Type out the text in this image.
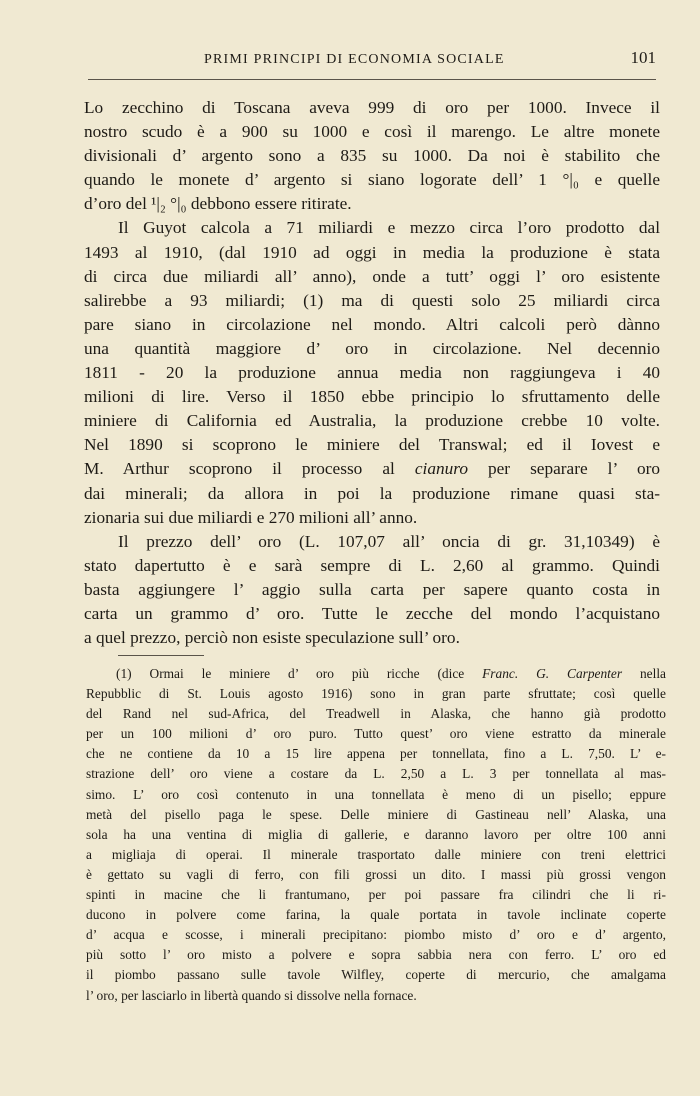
PRIMI PRINCIPI DI ECONOMIA SOCIALE	101
Lo zecchino di Toscana aveva 999 di oro per 1000. Invece il
nostro scudo è a 900 su 1000 e così il marengo. Le altre monete
divisionali d’ argento sono a 835 su 1000. Da noi è stabilito che
quando le monete d’ argento si siano logorate dell’ 1 °|₀ e quelle
d’oro del ¹|₂ °|₀ debbono essere ritirate.
Il Guyot calcola a 71 miliardi e mezzo circa l’oro prodotto dal
1493 al 1910, (dal 1910 ad oggi in media la produzione è stata
di circa due miliardi all’ anno), onde a tutt’ oggi l’ oro esistente
salirebbe a 93 miliardi; (1) ma di questi solo 25 miliardi circa
pare siano in circolazione nel mondo. Altri calcoli però dànno
una quantità maggiore d’ oro in circolazione. Nel decennio
1811 - 20 la produzione annua media non raggiungeva i 40
milioni di lire. Verso il 1850 ebbe principio lo sfruttamento delle
miniere di California ed Australia, la produzione crebbe 10 volte.
Nel 1890 si scoprono le miniere del Transwal; ed il Iovest e
M. Arthur scoprono il processo al cianuro per separare l’ oro
dai minerali; da allora in poi la produzione rimane quasi sta-
zionaria sui due miliardi e 270 milioni all’ anno.
Il prezzo dell’ oro (L. 107,07 all’ oncia di gr. 31,10349) è
stato dapertutto è e sarà sempre di L. 2,60 al grammo. Quindi
basta aggiungere l’ aggio sulla carta per sapere quanto costa in
carta un grammo d’ oro. Tutte le zecche del mondo l’acquistano
a quel prezzo, perciò non esiste speculazione sull’ oro.
(1) Ormai le miniere d’ oro più ricche (dice Franc. G. Carpenter nella
Repubblic di St. Louis agosto 1916) sono in gran parte sfruttate; così quelle
del Rand nel sud-Africa, del Treadwell in Alaska, che hanno già prodotto
per un 100 milioni d’ oro puro. Tutto quest’ oro viene estratto da minerale
che ne contiene da 10 a 15 lire appena per tonnellata, fino a L. 7,50. L’ e-
strazione dell’ oro viene a costare da L. 2,50 a L. 3 per tonnellata al mas-
simo. L’ oro così contenuto in una tonnellata è meno di un pisello; eppure
metà del pisello paga le spese. Delle miniere di Gastineau nell’ Alaska, una
sola ha una ventina di miglia di gallerie, e daranno lavoro per oltre 100 anni
a migliaja di operai. Il minerale trasportato dalle miniere con treni elettrici
è gettato su vagli di ferro, con fili grossi un dito. I massi più grossi vengon
spinti in macine che li frantumano, per poi passare fra cilindri che li ri-
ducono in polvere come farina, la quale portata in tavole inclinate coperte
d’ acqua e scosse, i minerali precipitano: piombo misto d’ oro e d’ argento,
più sotto l’ oro misto a polvere e sopra sabbia nera con ferro. L’ oro ed
il piombo passano sulle tavole Wilfley, coperte di mercurio, che amalgama
l’ oro, per lasciarlo in libertà quando si dissolve nella fornace.
